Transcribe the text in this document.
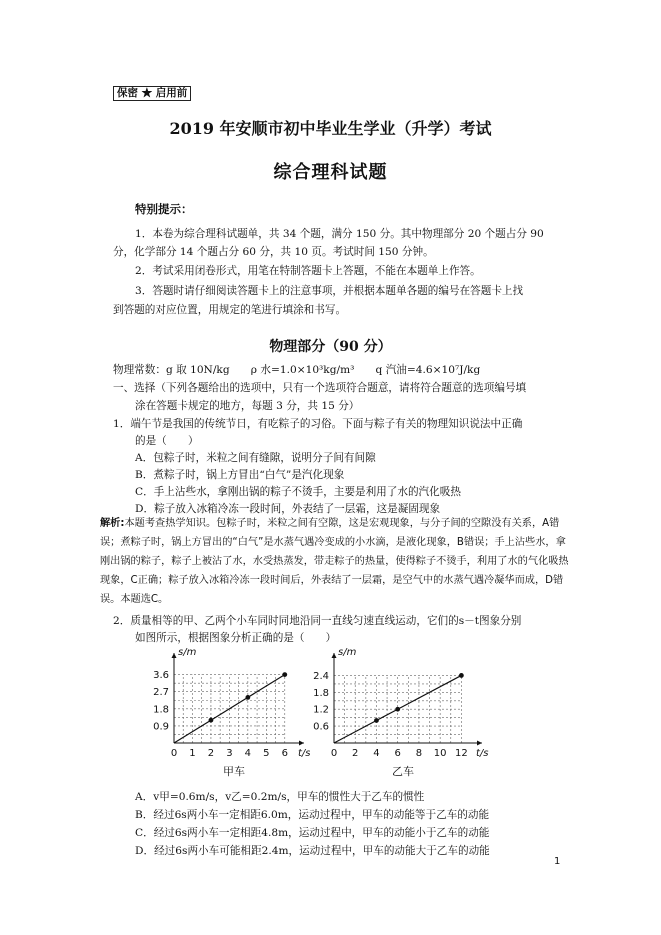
保密 ★ 启用前
2019 年安顺市初中毕业生学业（升学）考试
综合理科试题
特别提示：
1．本卷为综合理科试题单，共 34 个题，满分 150 分。其中物理部分 20 个题占分 90
分，化学部分 14 个题占分 60 分，共 10 页。考试时间 150 分钟。
2．考试采用闭卷形式，用笔在特制答题卡上答题，不能在本题单上作答。
3．答题时请仔细阅读答题卡上的注意事项，并根据本题单各题的编号在答题卡上找
到答题的对应位置，用规定的笔进行填涂和书写。
物理部分（90 分）
物理常数：g 取 10N/kg　　ρ 水=1.0×10³kg/m³　　q 汽油=4.6×10⁷J/kg
一、选择（下列各题给出的选项中，只有一个选项符合题意，请将符合题意的选项编号填
涂在答题卡规定的地方，每题 3 分，共 15 分）
1．端午节是我国的传统节日，有吃粽子的习俗。下面与粽子有关的物理知识说法中正确
的是（　　）
A．包粽子时，米粒之间有缝隙，说明分子间有间隙
B．煮粽子时，锅上方冒出“白气”是汽化现象
C．手上沾些水，拿刚出锅的粽子不烫手，主要是利用了水的汽化吸热
D．粽子放入冰箱冷冻一段时间，外表结了一层霜，这是凝固现象
解析:本题考查热学知识。包粽子时，米粒之间有空隙，这是宏观现象，与分子间的空隙没有关系，A错误；煮粽子时，锅上方冒出的“白气”是水蒸气遇冷变成的小水滴，是液化现象，B错误；手上沾些水，拿刚出锅的粽子，粽子上被沾了水，水受热蒸发，带走粽子的热量，使得粽子不烫手，利用了水的气化吸热现象，C正确；粽子放入冰箱冷冻一段时间后，外表结了一层霜，是空气中的水蒸气遇冷凝华而成，D错误。本题选C。
2．质量相等的甲、乙两个小车同时同地沿同一直线匀速直线运动，它们的s－t图象分别
如图所示，根据图象分析正确的是（　　）
s/m
t/s
0 1 2 3 4 5 6
0.9
1.8
2.7
3.6
甲车
s/m
t/s
0 2 4 6 8 10 12
0.6
1.2
1.8
2.4
乙车
A．v甲=0.6m/s，v乙=0.2m/s，甲车的惯性大于乙车的惯性
B．经过6s两小车一定相距6.0m，运动过程中，甲车的动能等于乙车的动能
C．经过6s两小车一定相距4.8m，运动过程中，甲车的动能小于乙车的动能
D．经过6s两小车可能相距2.4m，运动过程中，甲车的动能大于乙车的动能
1
